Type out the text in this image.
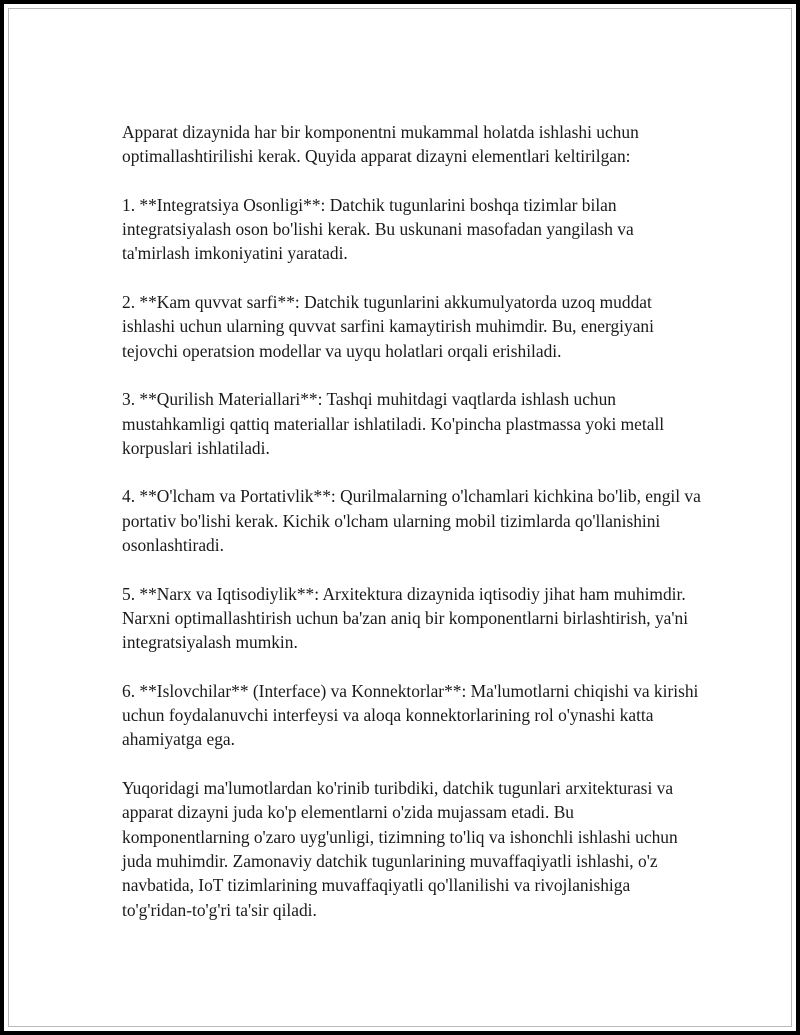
Apparat dizaynida har bir komponentni mukammal holatda ishlashi uchun optimallashtirilishi kerak. Quyida apparat dizayni elementlari keltirilgan:

1. **Integratsiya Osonligi**: Datchik tugunlarini boshqa tizimlar bilan integratsiyalash oson bo'lishi kerak. Bu uskunani masofadan yangilash va ta'mirlash imkoniyatini yaratadi.

2. **Kam quvvat sarfi**: Datchik tugunlarini akkumulyatorda uzoq muddat ishlashi uchun ularning quvvat sarfini kamaytirish muhimdir. Bu, energiyani tejovchi operatsion modellar va uyqu holatlari orqali erishiladi.

3. **Qurilish Materiallari**: Tashqi muhitdagi vaqtlarda ishlash uchun mustahkamligi qattiq materiallar ishlatiladi. Ko'pincha plastmassa yoki metall korpuslari ishlatiladi.

4. **O'lcham va Portativlik**: Qurilmalarning o'lchamlari kichkina bo'lib, engil va portativ bo'lishi kerak. Kichik o'lcham ularning mobil tizimlarda qo'llanishini osonlashtiradi.

5. **Narx va Iqtisodiylik**: Arxitektura dizaynida iqtisodiy jihat ham muhimdir. Narxni optimallashtirish uchun ba'zan aniq bir komponentlarni birlashtirish, ya'ni integratsiyalash mumkin.

6. **Islovchilar** (Interface) va Konnektorlar**: Ma'lumotlarni chiqishi va kirishi uchun foydalanuvchi interfeysi va aloqa konnektorlarining rol o'ynashi katta ahamiyatga ega.

Yuqoridagi ma'lumotlardan ko'rinib turibdiki, datchik tugunlari arxitekturasi va apparat dizayni juda ko'p elementlarni o'zida mujassam etadi. Bu komponentlarning o'zaro uyg'unligi, tizimning to'liq va ishonchli ishlashi uchun juda muhimdir. Zamonaviy datchik tugunlarining muvaffaqiyatli ishlashi, o'z navbatida, IoT tizimlarining muvaffaqiyatli qo'llanilishi va rivojlanishiga to'g'ridan-to'g'ri ta'sir qiladi.
